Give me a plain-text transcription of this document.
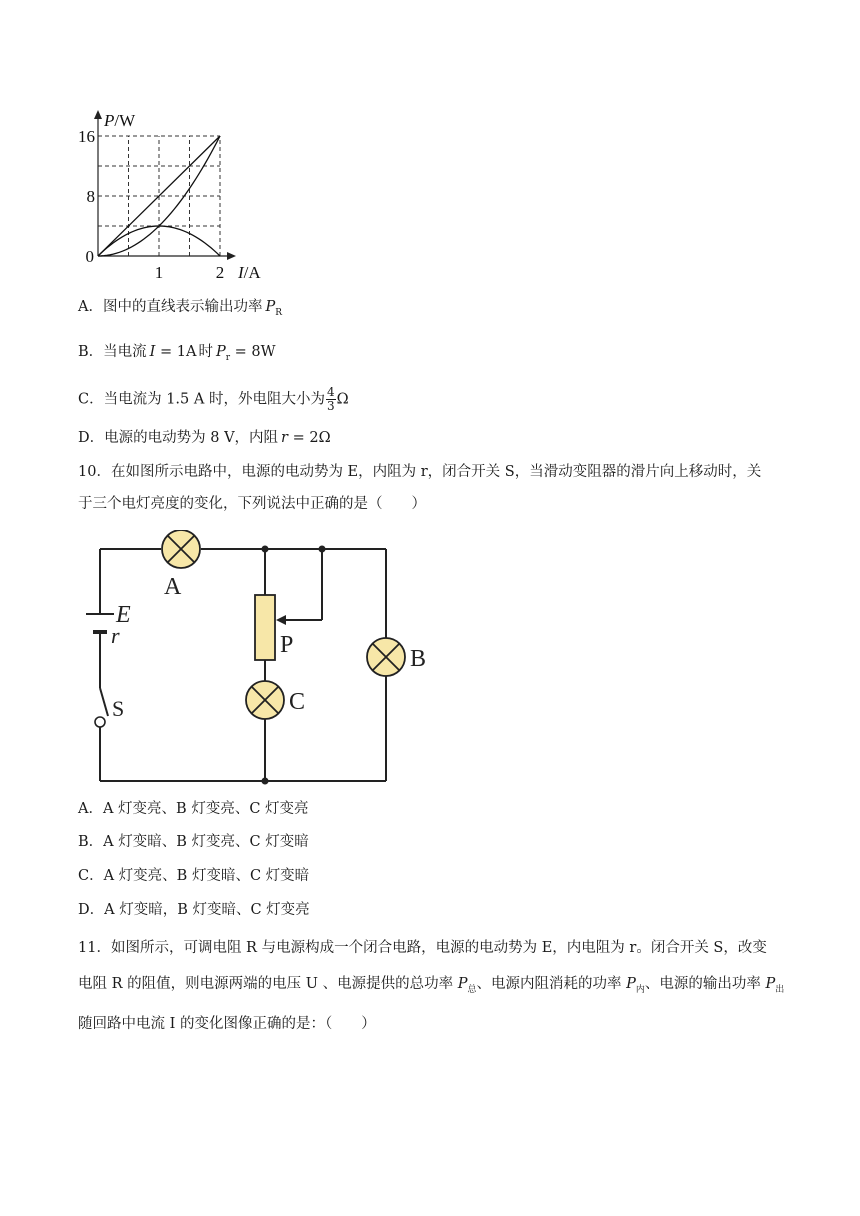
16
8
0
1	2
P/W
I/A
A．图中的直线表示输出功率 $P_R$
B．当电流 I = 1A 时 $P_r = 8W$
C．当电流为 1.5 A 时，外电阻大小为 $\frac{4}{3}$ Ω
D．电源的电动势为 8 V，内阻 r = 2Ω
10．在如图所示电路中，电源的电动势为 E，内阻为 r，闭合开关 S，当滑动变阻器的滑片向上移动时，关
于三个电灯亮度的变化，下列说法中正确的是（　　）
E
r
S
A
P
C
B
A．A 灯变亮、B 灯变亮、C 灯变亮
B．A 灯变暗、B 灯变亮、C 灯变暗
C．A 灯变亮、B 灯变暗、C 灯变暗
D．A 灯变暗，B 灯变暗、C 灯变亮
11．如图所示，可调电阻 R 与电源构成一个闭合电路，电源的电动势为 E，内电阻为 r。闭合开关 S，改变
电阻 R 的阻值，则电源两端的电压 U 、电源提供的总功率 $P_总$、电源内阻消耗的功率 $P_内$、电源的输出功率 $P_出$
随回路中电流 I 的变化图像正确的是：（　　）
